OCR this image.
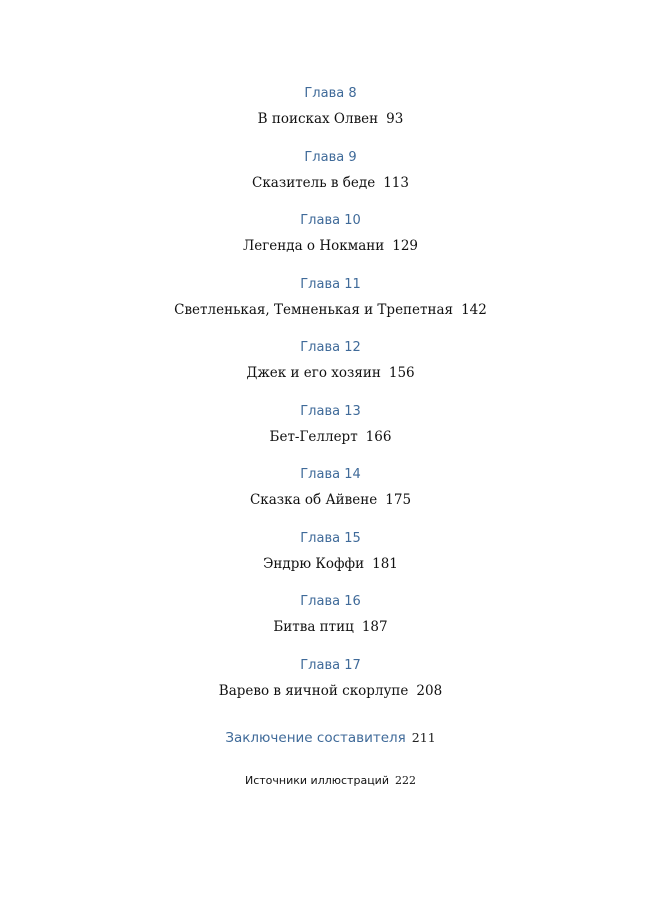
Глава 8
В поисках Олвен 93
Глава 9
Сказитель в беде 113
Глава 10
Легенда о Нокмани 129
Глава 11
Светленькая, Темненькая и Трепетная 142
Глава 12
Джек и его хозяин 156
Глава 13
Бет-Геллерт 166
Глава 14
Сказка об Айвене 175
Глава 15
Эндрю Коффи 181
Глава 16
Битва птиц 187
Глава 17
Варево в яичной скорлупе 208
Заключение составителя 211
Источники иллюстраций 222
